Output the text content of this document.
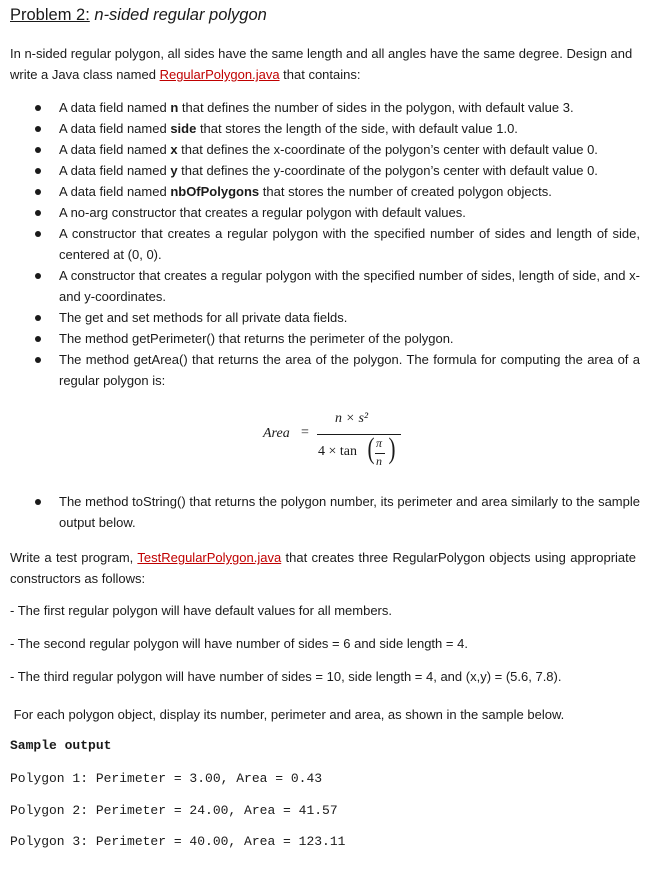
Problem 2: n-sided regular polygon
In n-sided regular polygon, all sides have the same length and all angles have the same degree. Design and write a Java class named RegularPolygon.java that contains:
A data field named n that defines the number of sides in the polygon, with default value 3.
A data field named side that stores the length of the side, with default value 1.0.
A data field named x that defines the x-coordinate of the polygon’s center with default value 0.
A data field named y that defines the y-coordinate of the polygon’s center with default value 0.
A data field named nbOfPolygons that stores the number of created polygon objects.
A no-arg constructor that creates a regular polygon with default values.
A constructor that creates a regular polygon with the specified number of sides and length of side, centered at (0, 0).
A constructor that creates a regular polygon with the specified number of sides, length of side, and x- and y-coordinates.
The get and set methods for all private data fields.
The method getPerimeter() that returns the perimeter of the polygon.
The method getArea() that returns the area of the polygon. The formula for computing the area of a regular polygon is:
Area =
n × s²
4 × tan ( π
n )
The method toString() that returns the polygon number, its perimeter and area similarly to the sample output below.
Write a test program, TestRegularPolygon.java that creates three RegularPolygon objects using appropriate constructors as follows:
- The first regular polygon will have default values for all members.
- The second regular polygon will have number of sides = 6 and side length = 4.
- The third regular polygon will have number of sides = 10, side length = 4, and (x,y) = (5.6, 7.8).
For each polygon object, display its number, perimeter and area, as shown in the sample below.
Sample output
Polygon 1: Perimeter = 3.00, Area = 0.43
Polygon 2: Perimeter = 24.00, Area = 41.57
Polygon 3: Perimeter = 40.00, Area = 123.11
